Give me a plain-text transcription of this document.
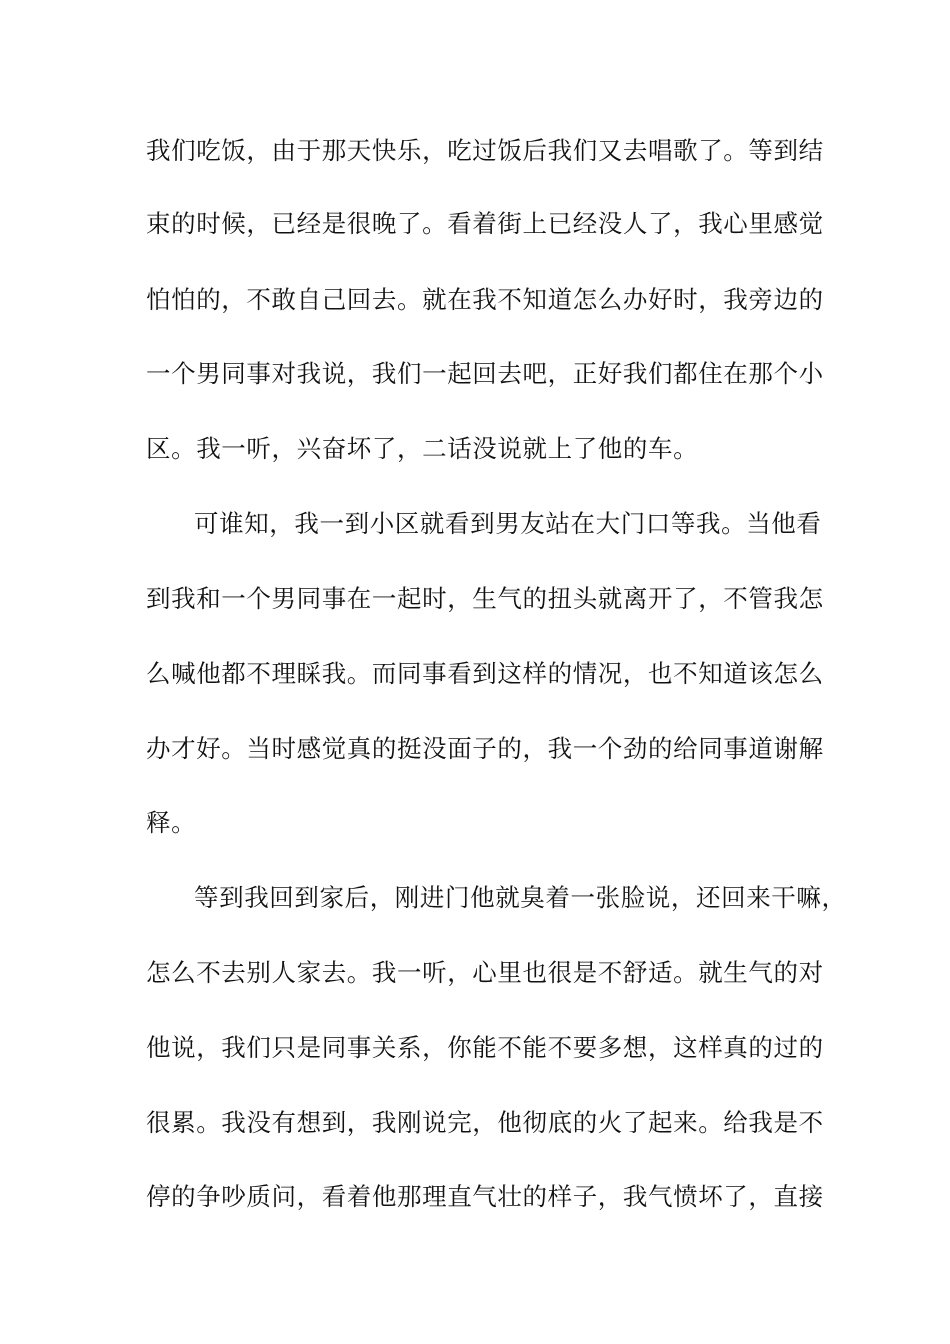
我们吃饭，由于那天快乐，吃过饭后我们又去唱歌了。等到结
束的时候，已经是很晚了。看着街上已经没人了，我心里感觉
怕怕的，不敢自己回去。就在我不知道怎么办好时，我旁边的
一个男同事对我说，我们一起回去吧，正好我们都住在那个小
区。我一听，兴奋坏了，二话没说就上了他的车。
可谁知，我一到小区就看到男友站在大门口等我。当他看
到我和一个男同事在一起时，生气的扭头就离开了，不管我怎
么喊他都不理睬我。而同事看到这样的情况，也不知道该怎么
办才好。当时感觉真的挺没面子的，我一个劲的给同事道谢解
释。
等到我回到家后，刚进门他就臭着一张脸说，还回来干嘛，
怎么不去别人家去。我一听，心里也很是不舒适。就生气的对
他说，我们只是同事关系，你能不能不要多想，这样真的过的
很累。我没有想到，我刚说完，他彻底的火了起来。给我是不
停的争吵质问，看着他那理直气壮的样子，我气愤坏了，直接
